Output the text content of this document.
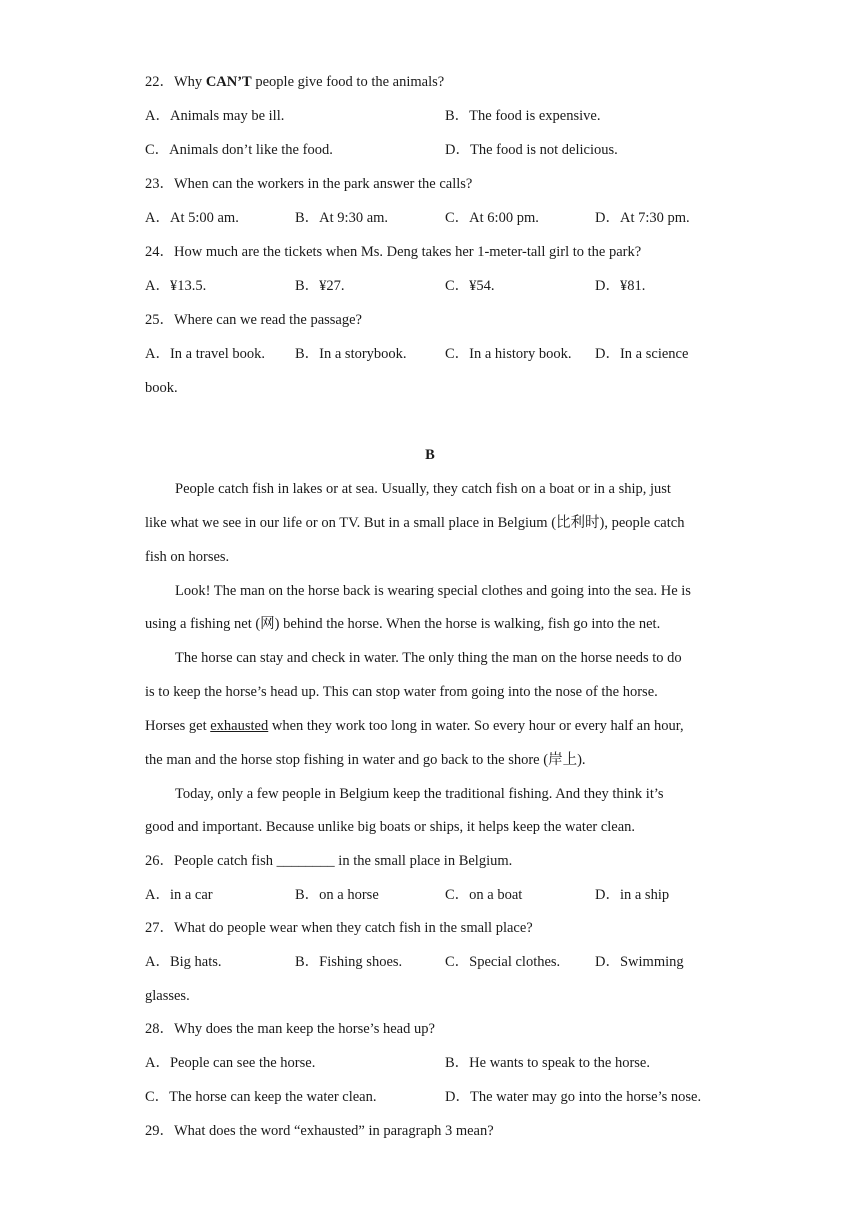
22．Why CAN’T people give food to the animals?
A．Animals may be ill.	B．The food is expensive.
C．Animals don’t like the food.	D．The food is not delicious.
23．When can the workers in the park answer the calls?
A．At 5:00 am.	B．At 9:30 am.	C．At 6:00 pm.	D．At 7:30 pm.
24．How much are the tickets when Ms. Deng takes her 1-meter-tall girl to the park?
A．¥13.5.	B．¥27.	C．¥54.	D．¥81.
25．Where can we read the passage?
A．In a travel book. B．In a storybook.	C．In a history book. D．In a science
book.
B
People catch fish in lakes or at sea. Usually, they catch fish on a boat or in a ship, just
like what we see in our life or on TV. But in a small place in Belgium (比利时), people catch
fish on horses.
Look! The man on the horse back is wearing special clothes and going into the sea. He is
using a fishing net (网) behind the horse. When the horse is walking, fish go into the net.
The horse can stay and check in water. The only thing the man on the horse needs to do
is to keep the horse’s head up. This can stop water from going into the nose of the horse.
Horses get exhausted when they work too long in water. So every hour or every half an hour,
the man and the horse stop fishing in water and go back to the shore (岸上).
Today, only a few people in Belgium keep the traditional fishing. And they think it’s
good and important. Because unlike big boats or ships, it helps keep the water clean.
26．People catch fish ________ in the small place in Belgium.
A．in a car	B．on a horse	C．on a boat	D．in a ship
27．What do people wear when they catch fish in the small place?
A．Big hats.	B．Fishing shoes.	C．Special clothes. D．Swimming
glasses.
28．Why does the man keep the horse’s head up?
A．People can see the horse.	B．He wants to speak to the horse.
C．The horse can keep the water clean.	D．The water may go into the horse’s nose.
29．What does the word “exhausted” in paragraph 3 mean?
